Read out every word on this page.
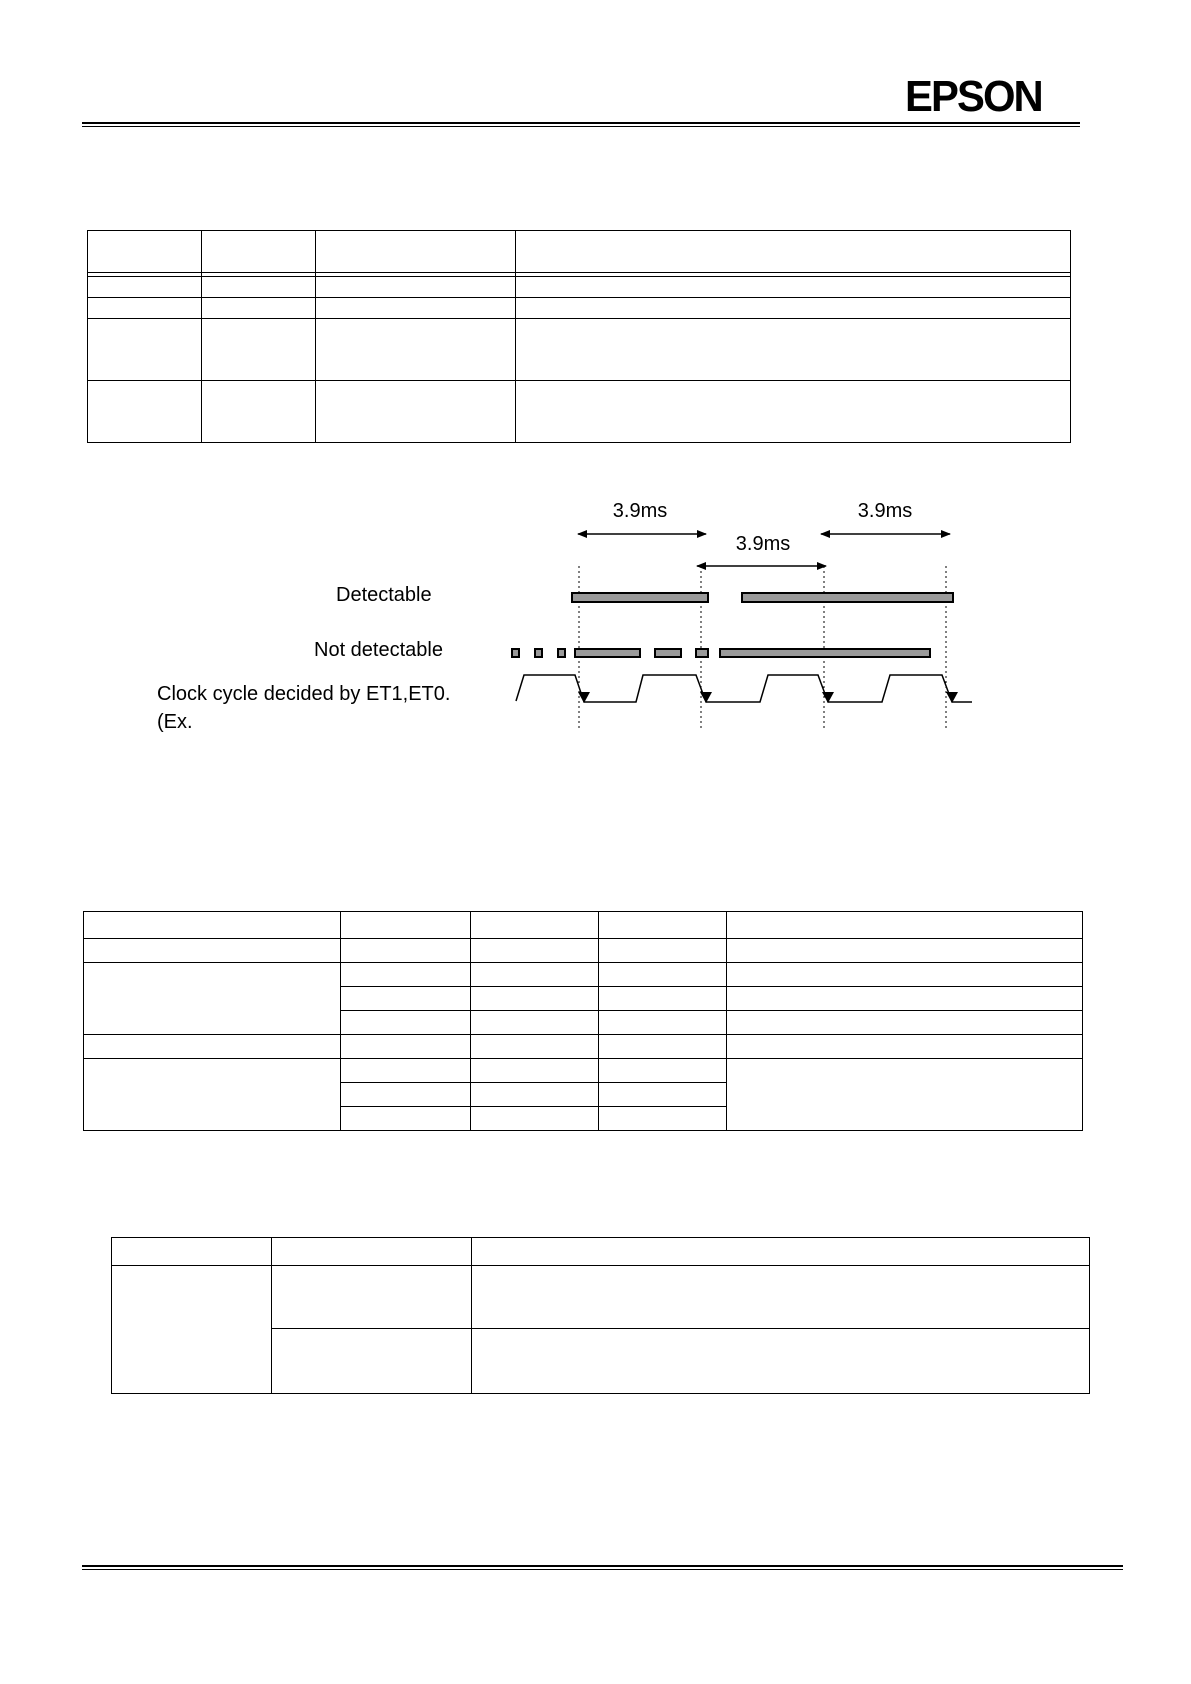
EPSON

3.9ms
3.9ms
3.9ms
Detectable
Not detectable
Clock cycle decided by ET1,ET0.
(Ex.
